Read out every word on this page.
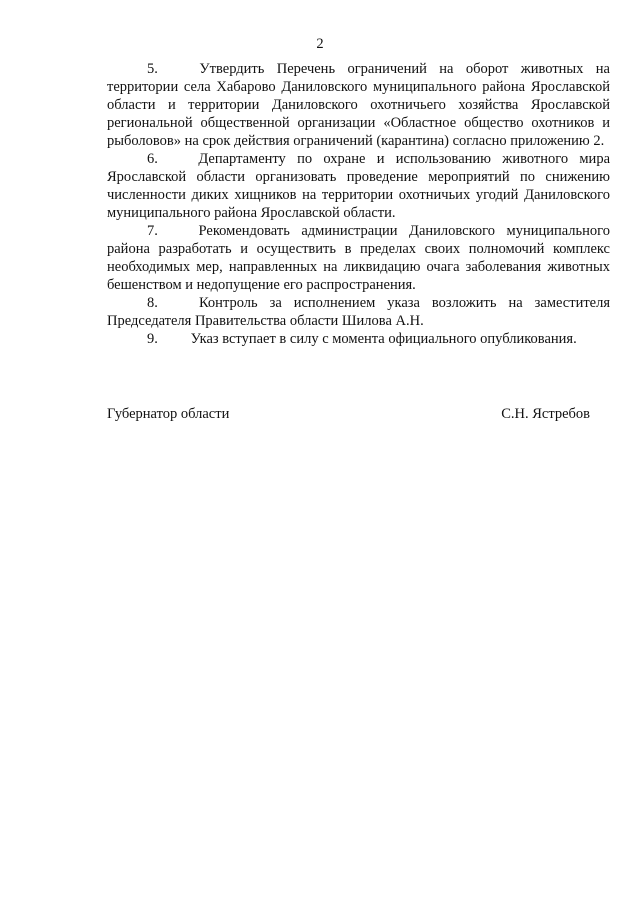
2

5.	Утвердить Перечень ограничений на оборот животных на территории села Хабарово Даниловского муниципального района Ярославской области и территории Даниловского охотничьего хозяйства Ярославской региональной общественной организации «Областное общество охотников и рыболовов» на срок действия ограничений (карантина) согласно приложению 2.

6.	Департаменту по охране и использованию животного мира Ярославской области организовать проведение мероприятий по снижению численности диких хищников на территории охотничьих угодий Даниловского муниципального района Ярославской области.

7.	Рекомендовать администрации Даниловского муниципального района разработать и осуществить в пределах своих полномочий комплекс необходимых мер, направленных на ликвидацию очага заболевания животных бешенством и недопущение его распространения.

8.	Контроль за исполнением указа возложить на заместителя Председателя Правительства области Шилова А.Н.

9. Указ вступает в силу с момента официального опубликования.

Губернатор области	С.Н. Ястребов
